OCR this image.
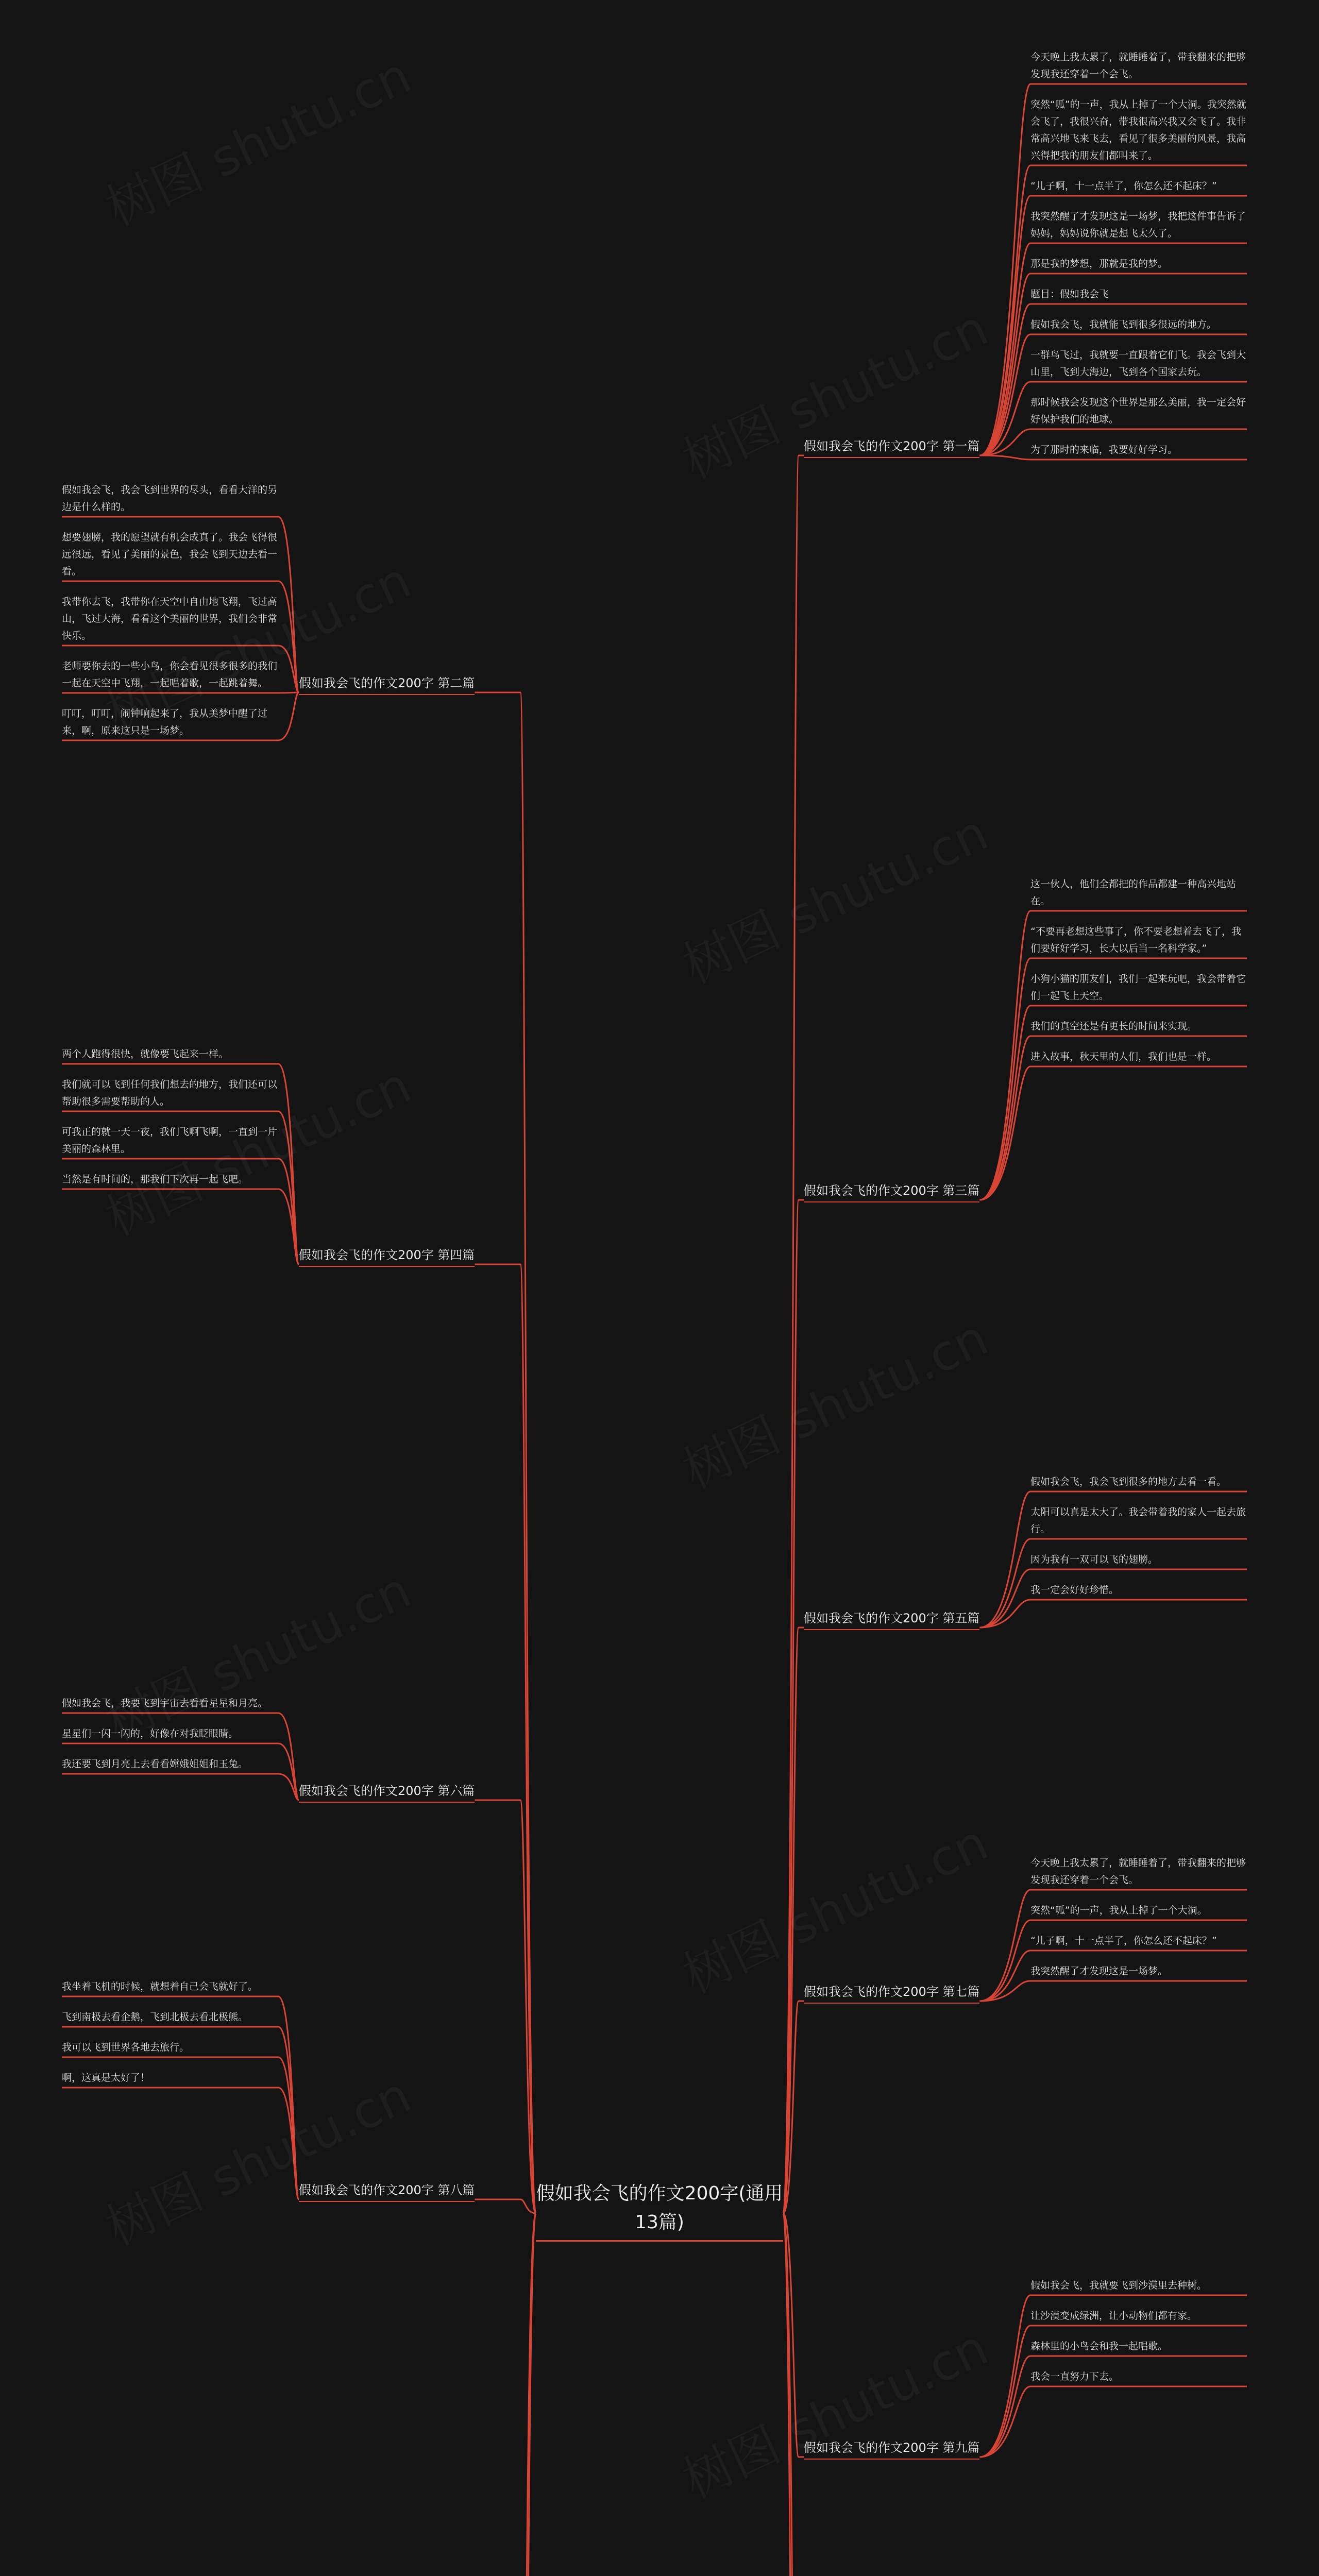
假如我会飞的作文200字(通用13篇)
假如我会飞的作文200字 第一篇
今天晚上我太累了，就睡睡着了，带我翻来的把够发现我还穿着一个会飞。
突然“呱”的一声，我从上掉了一个大洞。我突然就会飞了，我很兴奋，带我很高兴我又会飞了。我非常高兴地飞来飞去，看见了很多美丽的风景，我高兴得把我的朋友们都叫来了。
“儿子啊，十一点半了，你怎么还不起床？”
我突然醒了才发现这是一场梦，我把这件事告诉了妈妈，妈妈说你就是想飞太久了。
那是我的梦想，那就是我的梦。
题目：假如我会飞
假如我会飞，我就能飞到很多很远的地方。
一群鸟飞过，我就要一直跟着它们飞。我会飞到大山里，飞到大海边，飞到各个国家去玩。
那时候我会发现这个世界是那么美丽，我一定会好好保护我们的地球。
为了那时的来临，我要好好学习。
假如我会飞的作文200字 第二篇
假如我会飞，我会飞到世界的尽头，看看大洋的另边是什么样的。
想要翅膀，我的愿望就有机会成真了。我会飞得很远很远，看见了美丽的景色，我会飞到天边去看一看。
我带你去飞，我带你在天空中自由地飞翔，飞过高山，飞过大海，看看这个美丽的世界，我们会非常快乐。
老师要你去的一些小鸟，你会看见很多很多的我们一起在天空中飞翔，一起唱着歌，一起跳着舞。
叮叮，叮叮，闹钟响起来了，我从美梦中醒了过来，啊，原来这只是一场梦。
假如我会飞的作文200字 第三篇
这一伙人，他们全都把的作品都建一种高兴地站在。
“不要再老想这些事了，你不要老想着去飞了，我们要好好学习，长大以后当一名科学家。”
小狗小猫的朋友们，我们一起来玩吧，我会带着它们一起飞上天空。
我们的真空还是有更长的时间来实现。
进入故事，秋天里的人们，我们也是一样。
假如我会飞的作文200字 第四篇
两个人跑得很快，就像要飞起来一样。
我们就可以飞到任何我们想去的地方，我们还可以帮助很多需要帮助的人。
可我正的就一天一夜，我们飞啊飞啊，一直到一片美丽的森林里。
当然是有时间的，那我们下次再一起飞吧。
假如我会飞的作文200字 第五篇
假如我会飞，我会飞到很多的地方去看一看。
太阳可以真是太大了。我会带着我的家人一起去旅行。
因为我有一双可以飞的翅膀。
我一定会好好珍惜。
假如我会飞的作文200字 第六篇
假如我会飞，我要飞到宇宙去看看星星和月亮。
星星们一闪一闪的，好像在对我眨眼睛。
我还要飞到月亮上去看看嫦娥姐姐和玉兔。
假如我会飞的作文200字 第七篇
今天晚上我太累了，就睡睡着了，带我翻来的把够发现我还穿着一个会飞。
突然“呱”的一声，我从上掉了一个大洞。
“儿子啊，十一点半了，你怎么还不起床？”
我突然醒了才发现这是一场梦。
假如我会飞的作文200字 第八篇
我坐着飞机的时候，就想着自己会飞就好了。
飞到南极去看企鹅，飞到北极去看北极熊。
我可以飞到世界各地去旅行。
啊，这真是太好了！
假如我会飞的作文200字 第九篇
假如我会飞，我就要飞到沙漠里去种树。
让沙漠变成绿洲，让小动物们都有家。
森林里的小鸟会和我一起唱歌。
我会一直努力下去。
